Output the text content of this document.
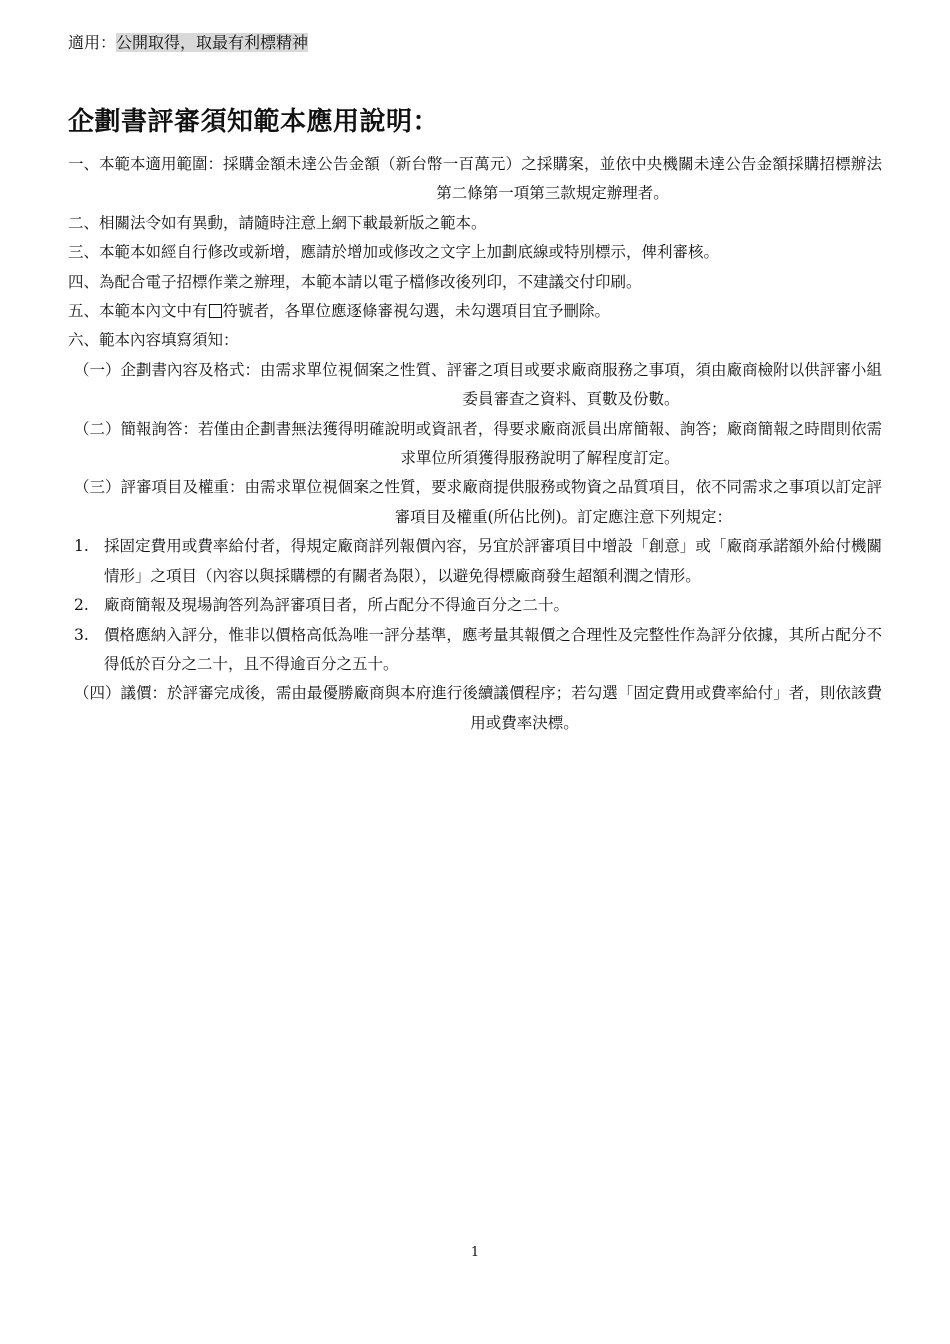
適用：公開取得，取最有利標精神
企劃書評審須知範本應用說明：
一、本範本適用範圍： 採購金額未達公告金額（新台幣一百萬元）之採購案，並依中央機關未達公告金額採購招標辦法第二條第一項第三款規定辦理者。
二、相關法令如有異動，請隨時注意上網下載最新版之範本。
三、本範本如經自行修改或新增，應請於增加或修改之文字上加劃底線或特別標示，俾利審核。
四、為配合電子招標作業之辦理，本範本請以電子檔修改後列印，不建議交付印刷。
五、本範本內文中有 符號者，各單位應逐條審視勾選，未勾選項目宜予刪除。
六、範本內容填寫須知：
（一）企劃書內容及格式： 由需求單位視個案之性質、評審之項目或要求廠商服務之事項，須由廠商檢附以供評審小組委員審查之資料、頁數及份數。
（二）簡報詢答： 若僅由企劃書無法獲得明確說明或資訊者，得要求廠商派員出席簡報、詢答；廠商簡報之時間則依需求單位所須獲得服務說明了解程度訂定。
（三）評審項目及權重： 由需求單位視個案之性質，要求廠商提供服務或物資之品質項目，依不同需求之事項以訂定評審項目及權重(所佔比例)。訂定應注意下列規定：
1. 採固定費用或費率給付者，得規定廠商詳列報價內容，另宜於評審項目中增設「創意」或「廠商承諾額外給付機關情形」之項目（內容以與採購標的有關者為限），以避免得標廠商發生超額利潤之情形。
2. 廠商簡報及現場詢答列為評審項目者，所占配分不得逾百分之二十。
3. 價格應納入評分，惟非以價格高低為唯一評分基準，應考量其報價之合理性及完整性作為評分依據，其所占配分不得低於百分之二十，且不得逾百分之五十。
（四）議價： 於評審完成後，需由最優勝廠商與本府進行後續議價程序；若勾選「固定費用或費率給付」者，則依該費用或費率決標。
1
